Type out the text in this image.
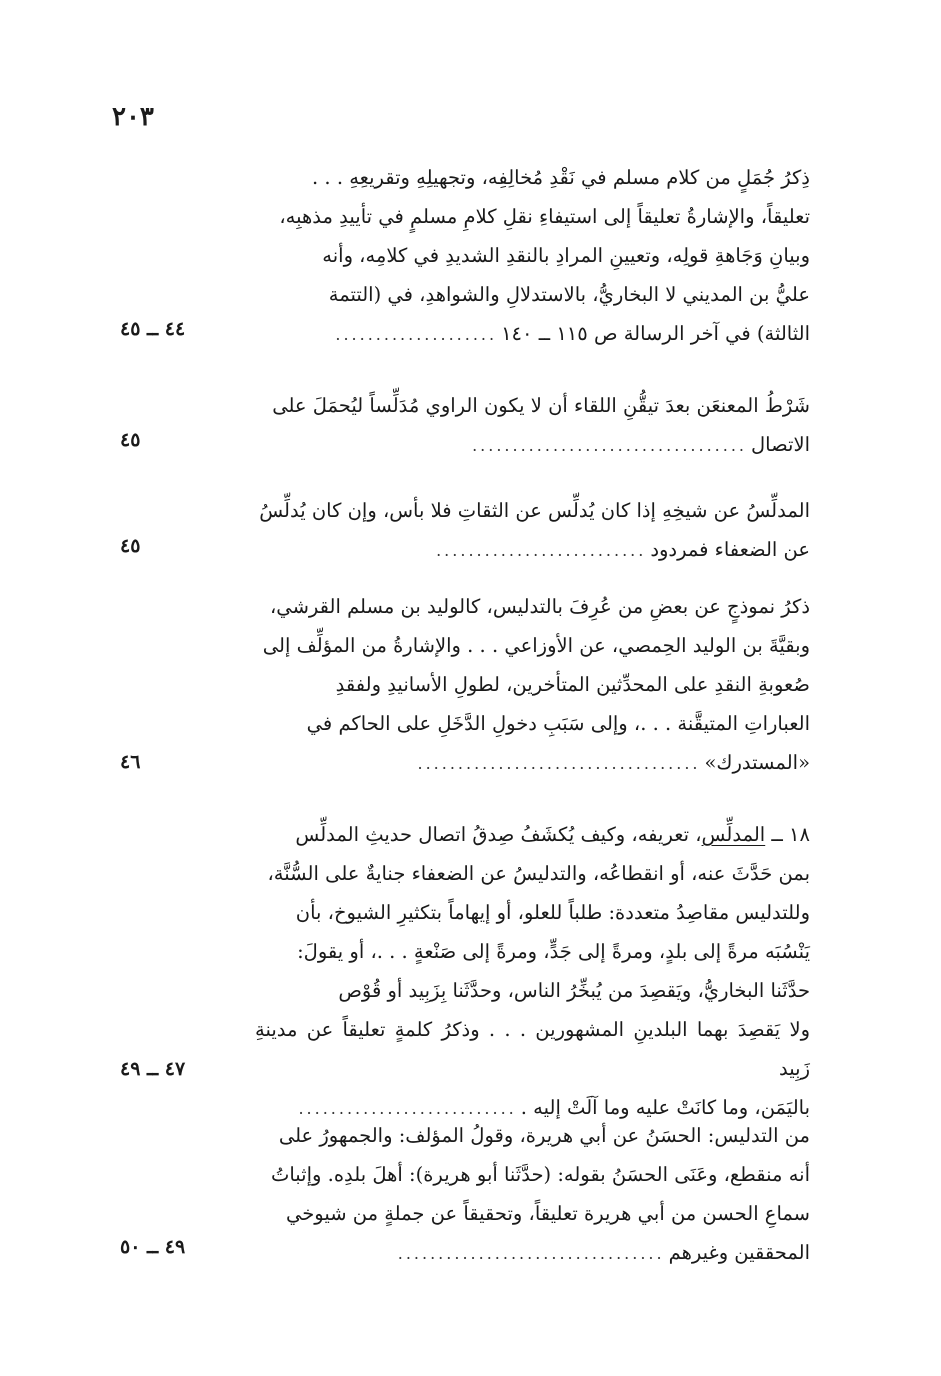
٢٠٣

ذِكرُ جُمَلٍ من كلام مسلم في نَقْدِ مُخالِفِه، وتجهيلِهِ وتقريعِهِ . . .

تعليقاً، والإشارةُ تعليقاً إلى استيفاءِ نقلِ كلامِ مسلمٍ في تأييدِ مذهبِه،

وبيانِ وَجَاهةِ قولِه، وتعيينِ المرادِ بالنقدِ الشديدِ في كلامِه، وأنه

عليُّ بن المديني لا البخاريُّ، بالاستدلالِ والشواهدِ، في (التتمة

الثالثة) في آخر الرسالة ص ١١٥ ــ ١٤٠....................

٤٤ ــ ٤٥

شَرْطُ المعنعَن بعدَ تيقُّنِ اللقاء أن لا يكون الراوي مُدَلِّساً ليُحمَلَ على

الاتصال..................................

٤٥

المدلِّسُ عن شيخِهِ إذا كان يُدلِّس عن الثقاتِ فلا بأس، وإن كان يُدلِّسُ

عن الضعفاء فمردود..........................

٤٥

ذكرُ نموذجٍ عن بعضِ من عُرِفَ بالتدليس، كالوليد بن مسلم القرشي،

وبقيَّةَ بن الوليد الحِمصي، عن الأوزاعي . . . والإشارةُ من المؤلِّف إلى

صُعوبةِ النقدِ على المحدِّثين المتأخرين، لطولِ الأسانيدِ ولفقدِ

العباراتِ المتيقَّنة . . .، وإلى سَبَبِ دخولِ الدَّخَلِ على الحاكم في

«المستدرك»...................................

٤٦

١٨ ــ المدلِّس، تعريفه، وكيف يُكشَفُ صِدقُ اتصال حديثِ المدلِّس

بمن حَدَّثَ عنه، أو انقطاعُه، والتدليسُ عن الضعفاء جنايةٌ على السُّنَّة،

وللتدليس مقاصِدُ متعددة: طلباً للعلو، أو إيهاماً بتكثيرِ الشيوخ، بأن

يَنْسُبَه مرةً إلى بلدٍ، ومرةً إلى جَدٍّ، ومرةً إلى صَنْعةٍ . . .، أو يقولَ:

حدَّثَنا البخاريُّ، ويَقصِدَ من يُبخِّرُ الناس، وحدَّثَنا بِزَبِيد أو قُوْص

ولا يَقصِدَ بهما البلدينِ المشهورين . . . وذكرُ كلمةٍ تعليقاً عن مدينةِ زَبِيد

باليَمَن، وما كانَتْ عليه وما آلَتْ إليه ............................

٤٧ ــ ٤٩

من التدليس: الحسَنُ عن أبي هريرة، وقولُ المؤلف: والجمهورُ على

أنه منقطع، وعَنَى الحسَنُ بقوله: (حدَّثَنا أبو هريرة): أهلَ بلدِه. وإثباتُ

سماعِ الحسن من أبي هريرة تعليقاً، وتحقيقاً عن جملةٍ من شيوخي

المحققين وغيرهم.................................

٤٩ ــ ٥٠
